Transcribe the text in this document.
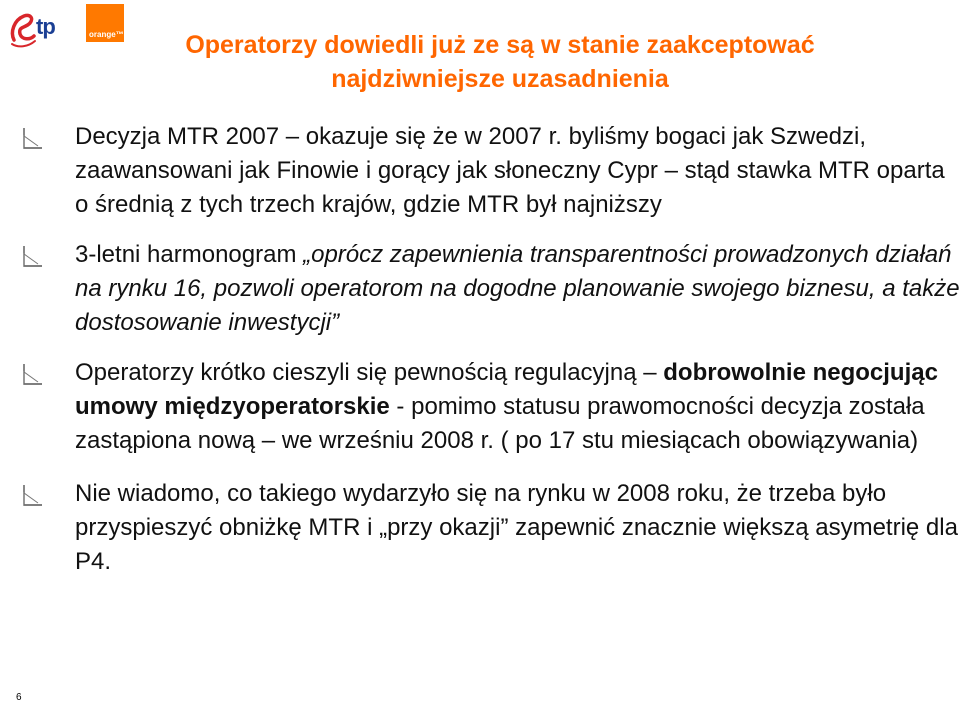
tp	orange™	Operatorzy dowiedli już ze są w stanie zaakceptować
najdziwniejsze uzasadnienia
Decyzja MTR 2007 – okazuje się że w 2007 r. byliśmy bogaci jak Szwedzi, zaawansowani jak Finowie i gorący jak słoneczny Cypr – stąd stawka MTR oparta o średnią z tych trzech krajów, gdzie MTR był najniższy
3-letni harmonogram „oprócz zapewnienia transparentności prowadzonych działań na rynku 16, pozwoli operatorom na dogodne planowanie swojego biznesu, a także dostosowanie inwestycji”
Operatorzy krótko cieszyli się pewnością regulacyjną – dobrowolnie negocjując umowy międzyoperatorskie - pomimo statusu prawomocności decyzja została zastąpiona nową – we wrześniu 2008 r. ( po 17 stu miesiącach obowiązywania)
Nie wiadomo, co takiego wydarzyło się na rynku w 2008 roku, że trzeba było przyspieszyć obniżkę MTR i „przy okazji” zapewnić znacznie większą asymetrię dla P4.
6
